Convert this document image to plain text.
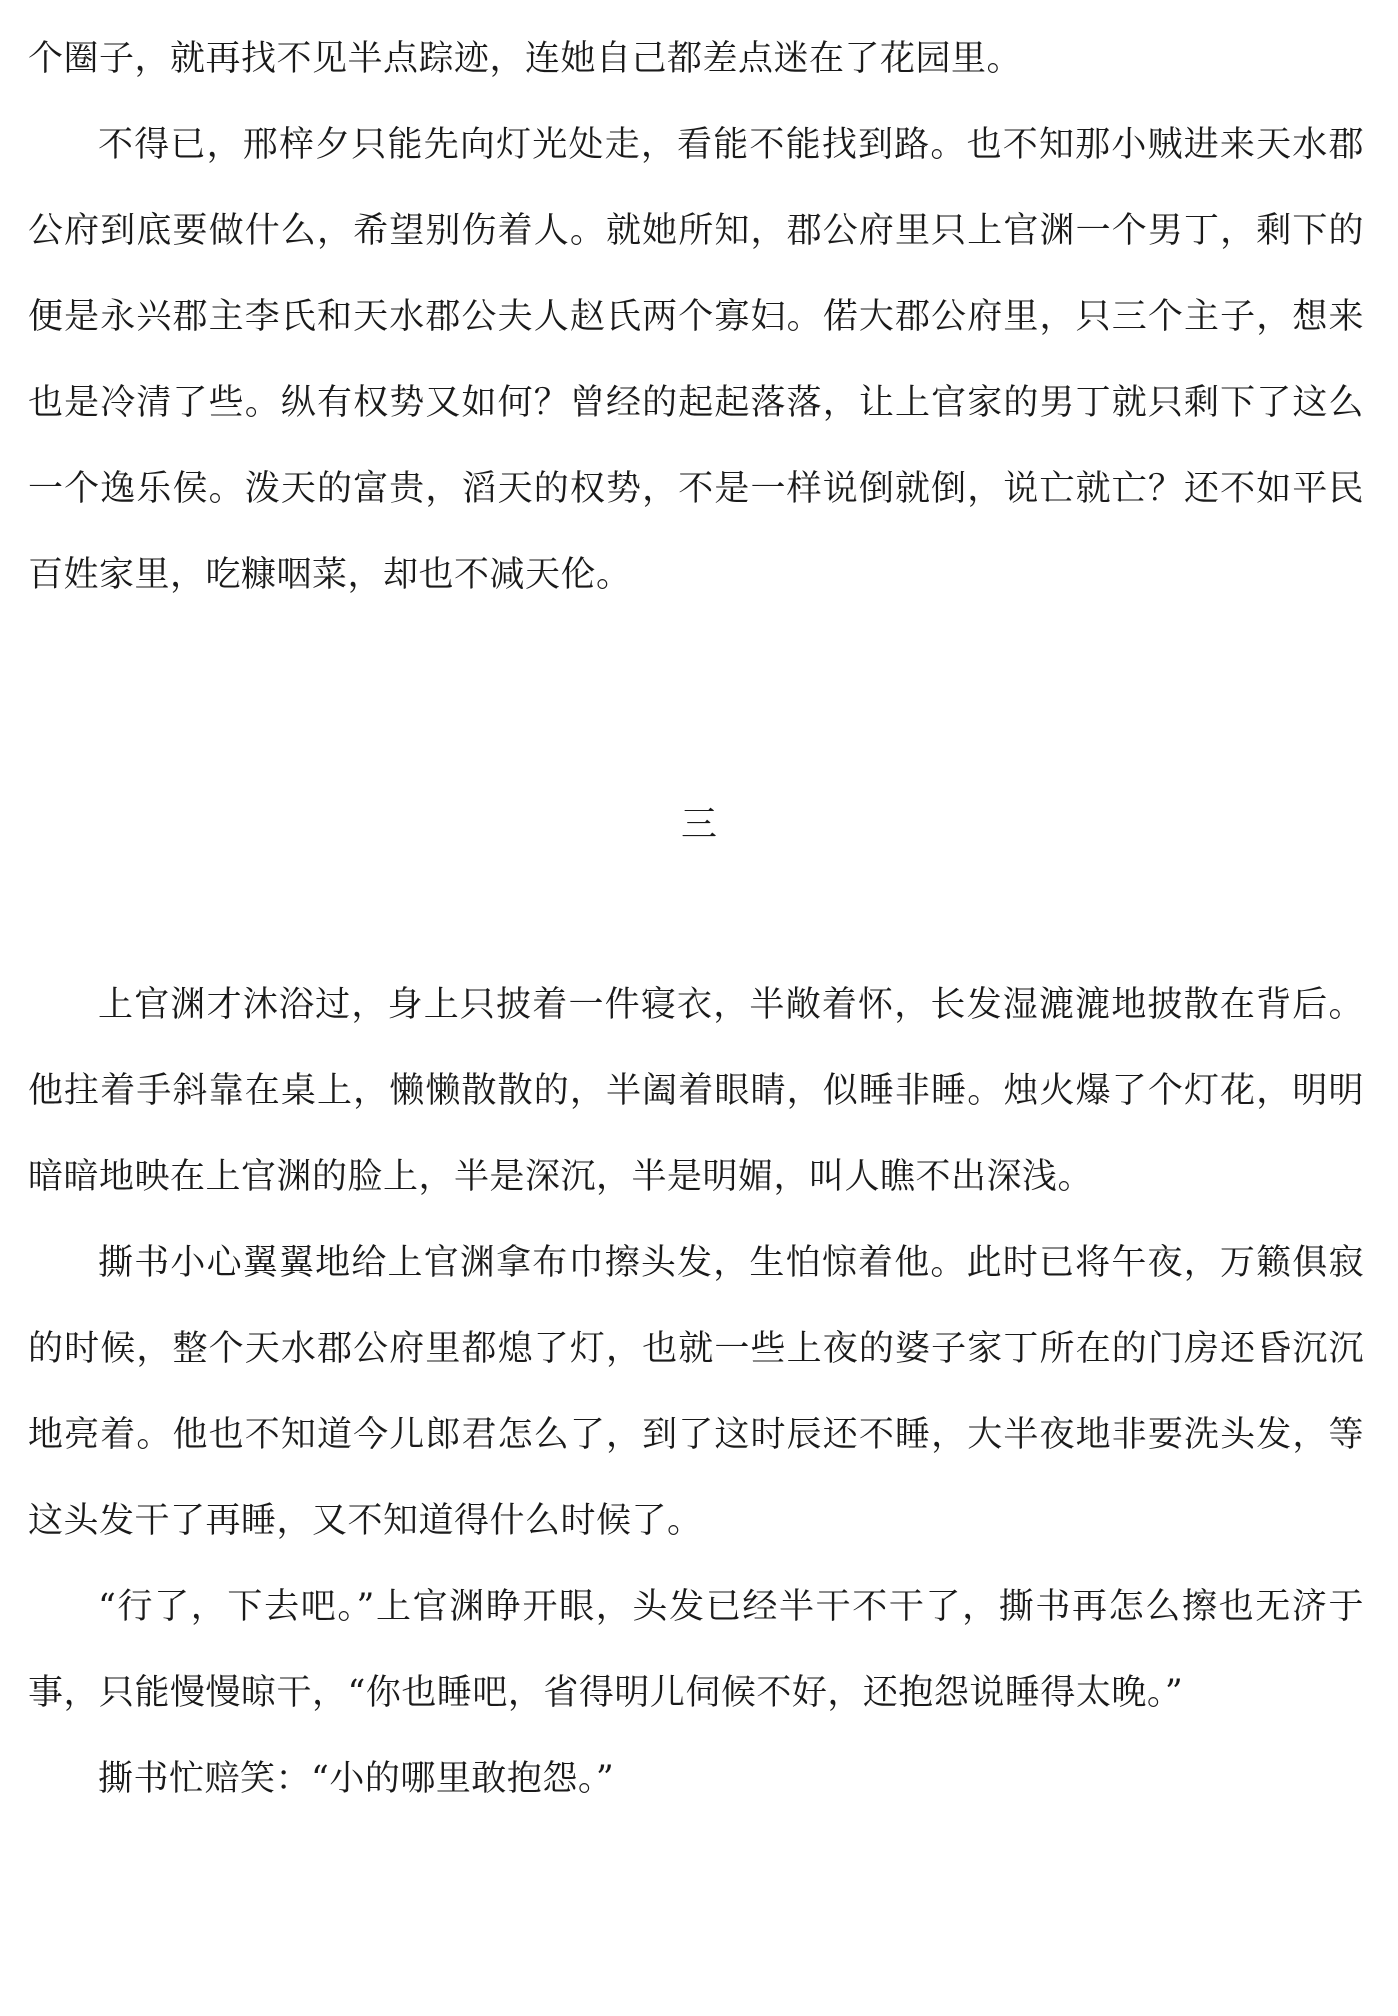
个圈子，就再找不见半点踪迹，连她自己都差点迷在了花园里。

不得已，邢梓夕只能先向灯光处走，看能不能找到路。也不知那小贼进来天水郡公府到底要做什么，希望别伤着人。就她所知，郡公府里只上官渊一个男丁，剩下的便是永兴郡主李氏和天水郡公夫人赵氏两个寡妇。偌大郡公府里，只三个主子，想来也是冷清了些。纵有权势又如何？曾经的起起落落，让上官家的男丁就只剩下了这么一个逸乐侯。泼天的富贵，滔天的权势，不是一样说倒就倒，说亡就亡？还不如平民百姓家里，吃糠咽菜，却也不减天伦。

三

上官渊才沐浴过，身上只披着一件寝衣，半敞着怀，长发湿漉漉地披散在背后。他拄着手斜靠在桌上，懒懒散散的，半阖着眼睛，似睡非睡。烛火爆了个灯花，明明暗暗地映在上官渊的脸上，半是深沉，半是明媚，叫人瞧不出深浅。

撕书小心翼翼地给上官渊拿布巾擦头发，生怕惊着他。此时已将午夜，万籁俱寂的时候，整个天水郡公府里都熄了灯，也就一些上夜的婆子家丁所在的门房还昏沉沉地亮着。他也不知道今儿郎君怎么了，到了这时辰还不睡，大半夜地非要洗头发，等这头发干了再睡，又不知道得什么时候了。

“行了，下去吧。”上官渊睁开眼，头发已经半干不干了，撕书再怎么擦也无济于事，只能慢慢晾干，“你也睡吧，省得明儿伺候不好，还抱怨说睡得太晚。”

撕书忙赔笑：“小的哪里敢抱怨。”
